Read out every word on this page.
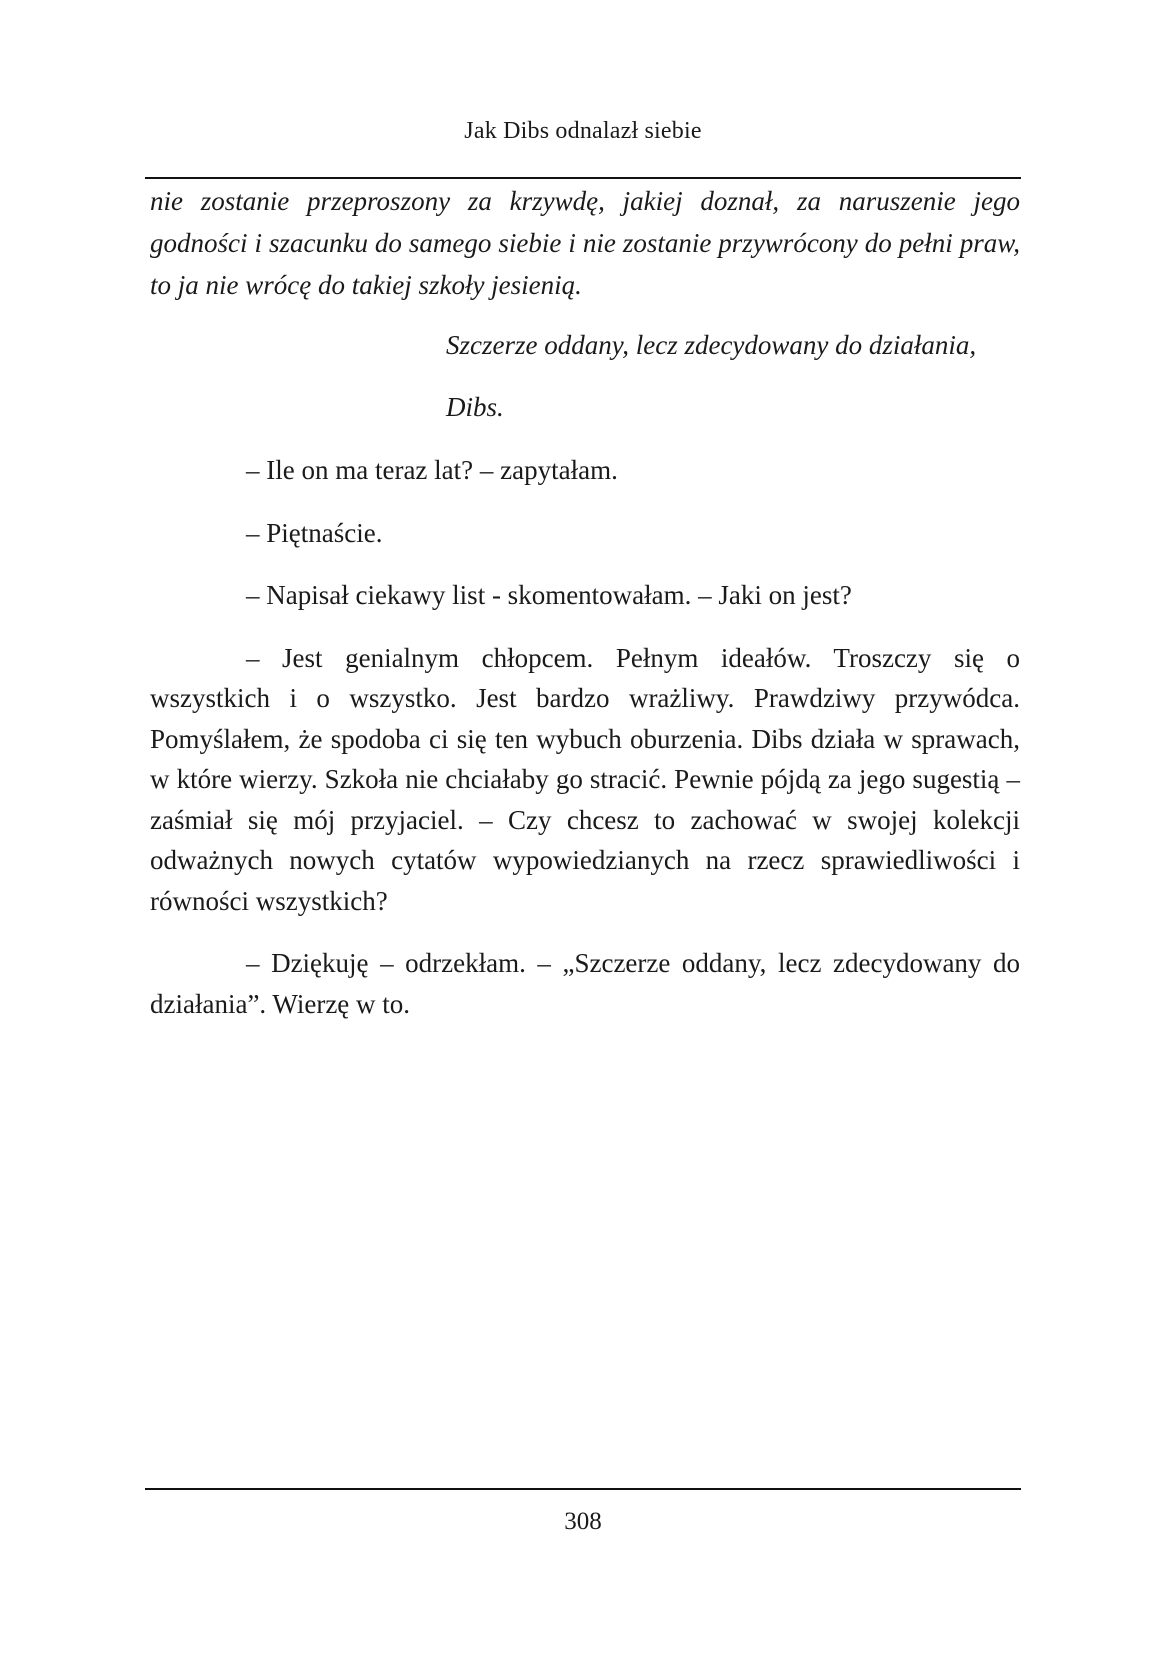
Jak Dibs odnalazł siebie

nie zostanie przeproszony za krzywdę, jakiej doznał, za naruszenie jego godności i szacunku do samego siebie i nie zostanie przywrócony do pełni praw, to ja nie wrócę do takiej szkoły jesienią.

Szczerze oddany, lecz zdecydowany do działania,

Dibs.

– Ile on ma teraz lat? – zapytałam.

– Piętnaście.

– Napisał ciekawy list - skomentowałam. – Jaki on jest?

– Jest genialnym chłopcem. Pełnym ideałów. Troszczy się o wszystkich i o wszystko. Jest bardzo wrażliwy. Prawdziwy przywódca. Pomyślałem, że spodoba ci się ten wybuch oburzenia. Dibs działa w sprawach, w które wierzy. Szkoła nie chciałaby go stracić. Pewnie pójdą za jego sugestią – zaśmiał się mój przyjaciel. – Czy chcesz to zachować w swojej kolekcji odważnych nowych cytatów wypowiedzianych na rzecz sprawiedliwości i równości wszystkich?

– Dziękuję – odrzekłam. – „Szczerze oddany, lecz zdecydowany do działania”. Wierzę w to.

308
